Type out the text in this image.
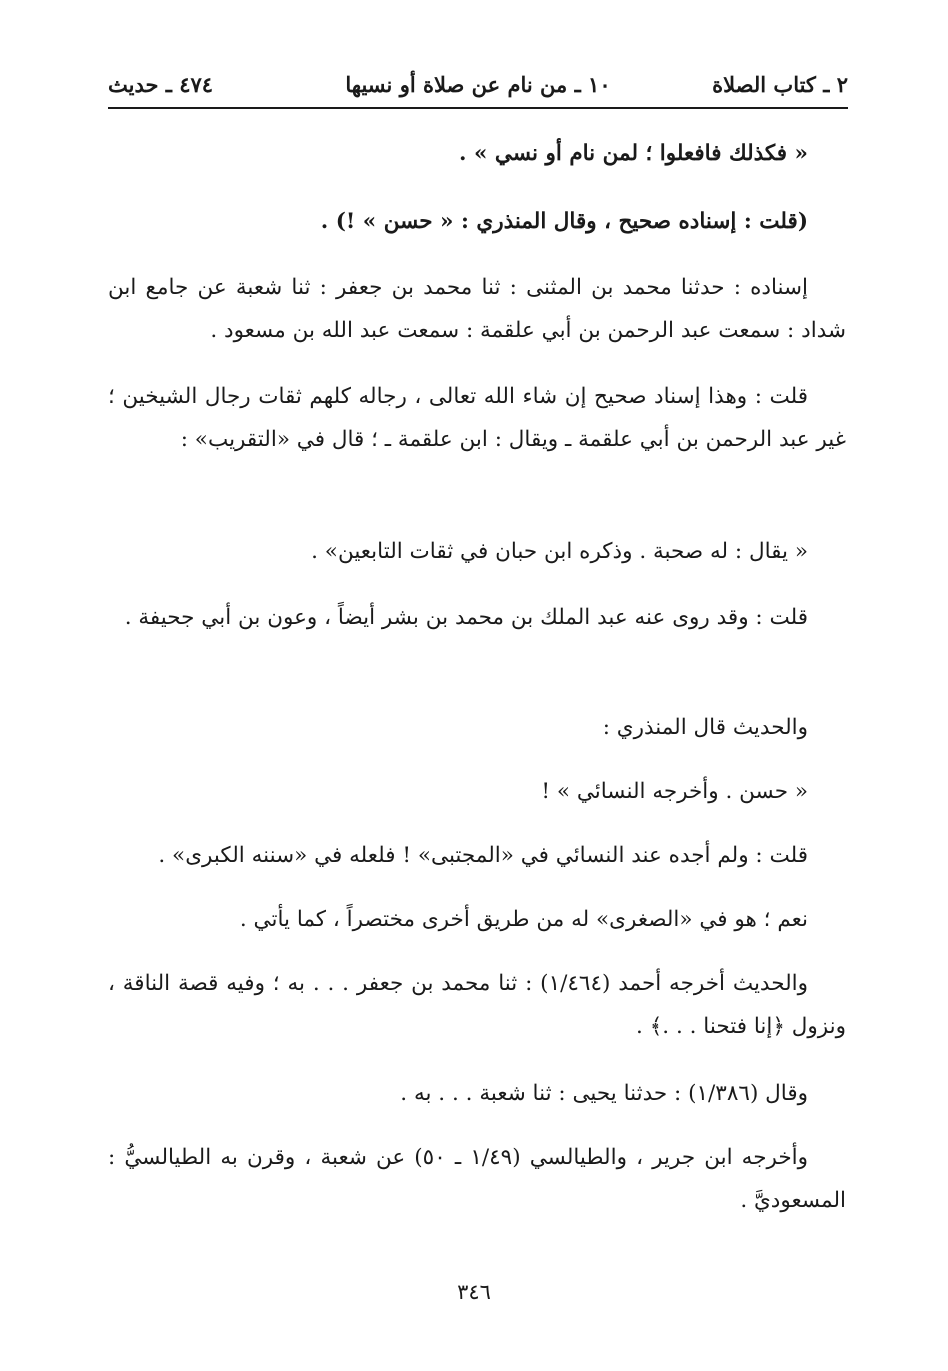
٢ ـ كتاب الصلاة
١٠ ـ من نام عن صلاة أو نسيها
٤٧٤ ـ حديث

« فكذلك فافعلوا ؛ لمن نام أو نسي » .

(قلت : إسناده صحيح ، وقال المنذري : « حسن » !) .

إسناده : حدثنا محمد بن المثنى : ثنا محمد بن جعفر : ثنا شعبة عن جامع ابن شداد : سمعت عبد الرحمن بن أبي علقمة : سمعت عبد الله بن مسعود .

قلت : وهذا إسناد صحيح إن شاء الله تعالى ، رجاله كلهم ثقات رجال الشيخين ؛ غير عبد الرحمن بن أبي علقمة ـ ويقال : ابن علقمة ـ ؛ قال في «التقريب» :

« يقال : له صحبة . وذكره ابن حبان في ثقات التابعين» .

قلت : وقد روى عنه عبد الملك بن محمد بن بشر أيضاً ، وعون بن أبي جحيفة .

والحديث قال المنذري :

« حسن . وأخرجه النسائي » !

قلت : ولم أجده عند النسائي في «المجتبى» ! فلعله في «سننه الكبرى» .

نعم ؛ هو في «الصغرى» له من طريق أخرى مختصراً ، كما يأتي .

والحديث أخرجه أحمد (١/٤٦٤) : ثنا محمد بن جعفر . . . به ؛ وفيه قصة الناقة ، ونزول ﴿إنا فتحنا . . .﴾ .

وقال (١/٣٨٦) : حدثنا يحيى : ثنا شعبة . . . به .

وأخرجه ابن جرير ، والطيالسي (١/٤٩ ـ ٥٠) عن شعبة ، وقرن به الطيالسيُّ : المسعوديَّ .

٣٤٦
